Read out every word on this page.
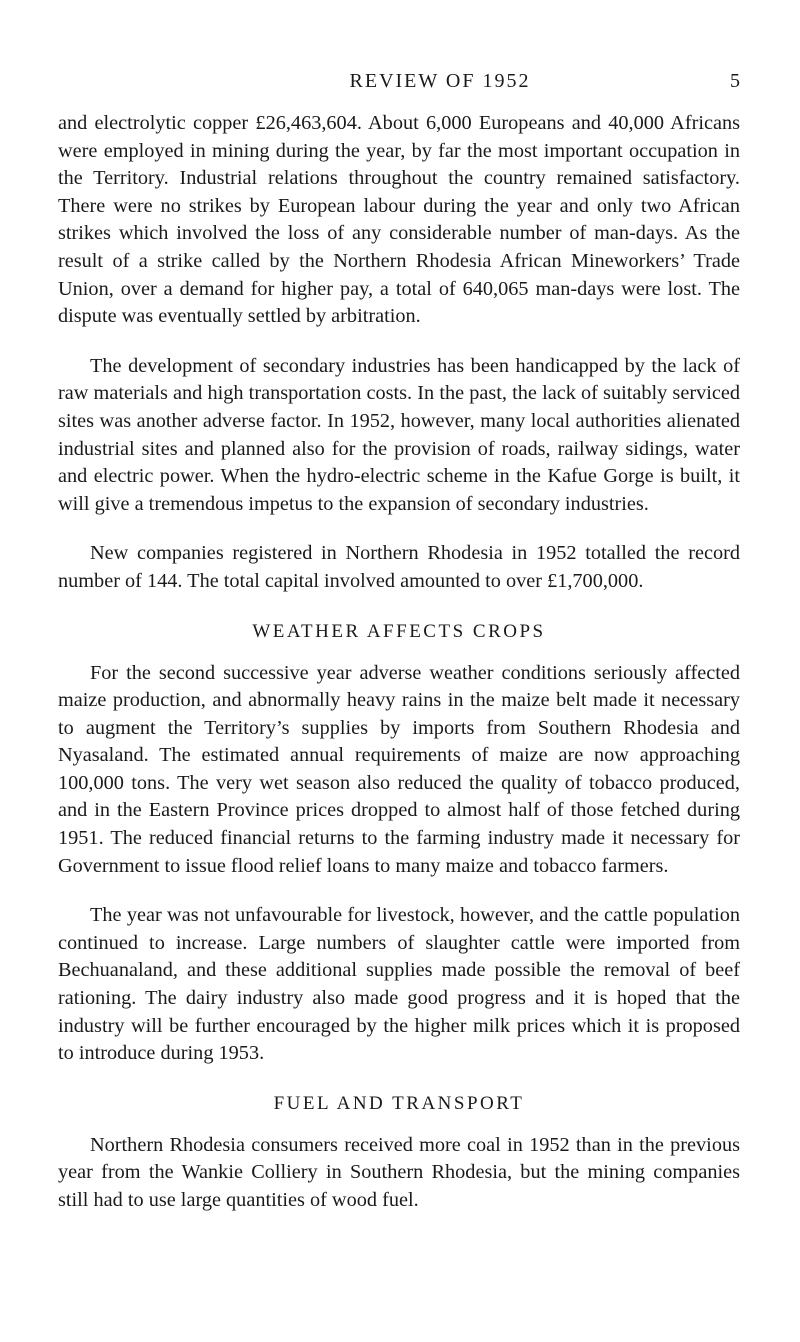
REVIEW OF 1952	5

and electrolytic copper £26,463,604. About 6,000 Europeans and 40,000 Africans were employed in mining during the year, by far the most important occupation in the Territory. Industrial relations throughout the country remained satisfactory. There were no strikes by European labour during the year and only two African strikes which involved the loss of any considerable number of man-days. As the result of a strike called by the Northern Rhodesia African Mineworkers’ Trade Union, over a demand for higher pay, a total of 640,065 man-days were lost. The dispute was eventually settled by arbitration.

The development of secondary industries has been handicapped by the lack of raw materials and high transportation costs. In the past, the lack of suitably serviced sites was another adverse factor. In 1952, however, many local authorities alienated industrial sites and planned also for the provision of roads, railway sidings, water and electric power. When the hydro-electric scheme in the Kafue Gorge is built, it will give a tremendous impetus to the expansion of secondary industries.

New companies registered in Northern Rhodesia in 1952 totalled the record number of 144. The total capital involved amounted to over £1,700,000.

WEATHER AFFECTS CROPS

For the second successive year adverse weather conditions seriously affected maize production, and abnormally heavy rains in the maize belt made it necessary to augment the Territory’s supplies by imports from Southern Rhodesia and Nyasaland. The estimated annual requirements of maize are now approaching 100,000 tons. The very wet season also reduced the quality of tobacco produced, and in the Eastern Province prices dropped to almost half of those fetched during 1951. The reduced financial returns to the farming industry made it necessary for Government to issue flood relief loans to many maize and tobacco farmers.

The year was not unfavourable for livestock, however, and the cattle population continued to increase. Large numbers of slaughter cattle were imported from Bechuanaland, and these additional supplies made possible the removal of beef rationing. The dairy industry also made good progress and it is hoped that the industry will be further encouraged by the higher milk prices which it is proposed to introduce during 1953.

FUEL AND TRANSPORT

Northern Rhodesia consumers received more coal in 1952 than in the previous year from the Wankie Colliery in Southern Rhodesia, but the mining companies still had to use large quantities of wood fuel.
